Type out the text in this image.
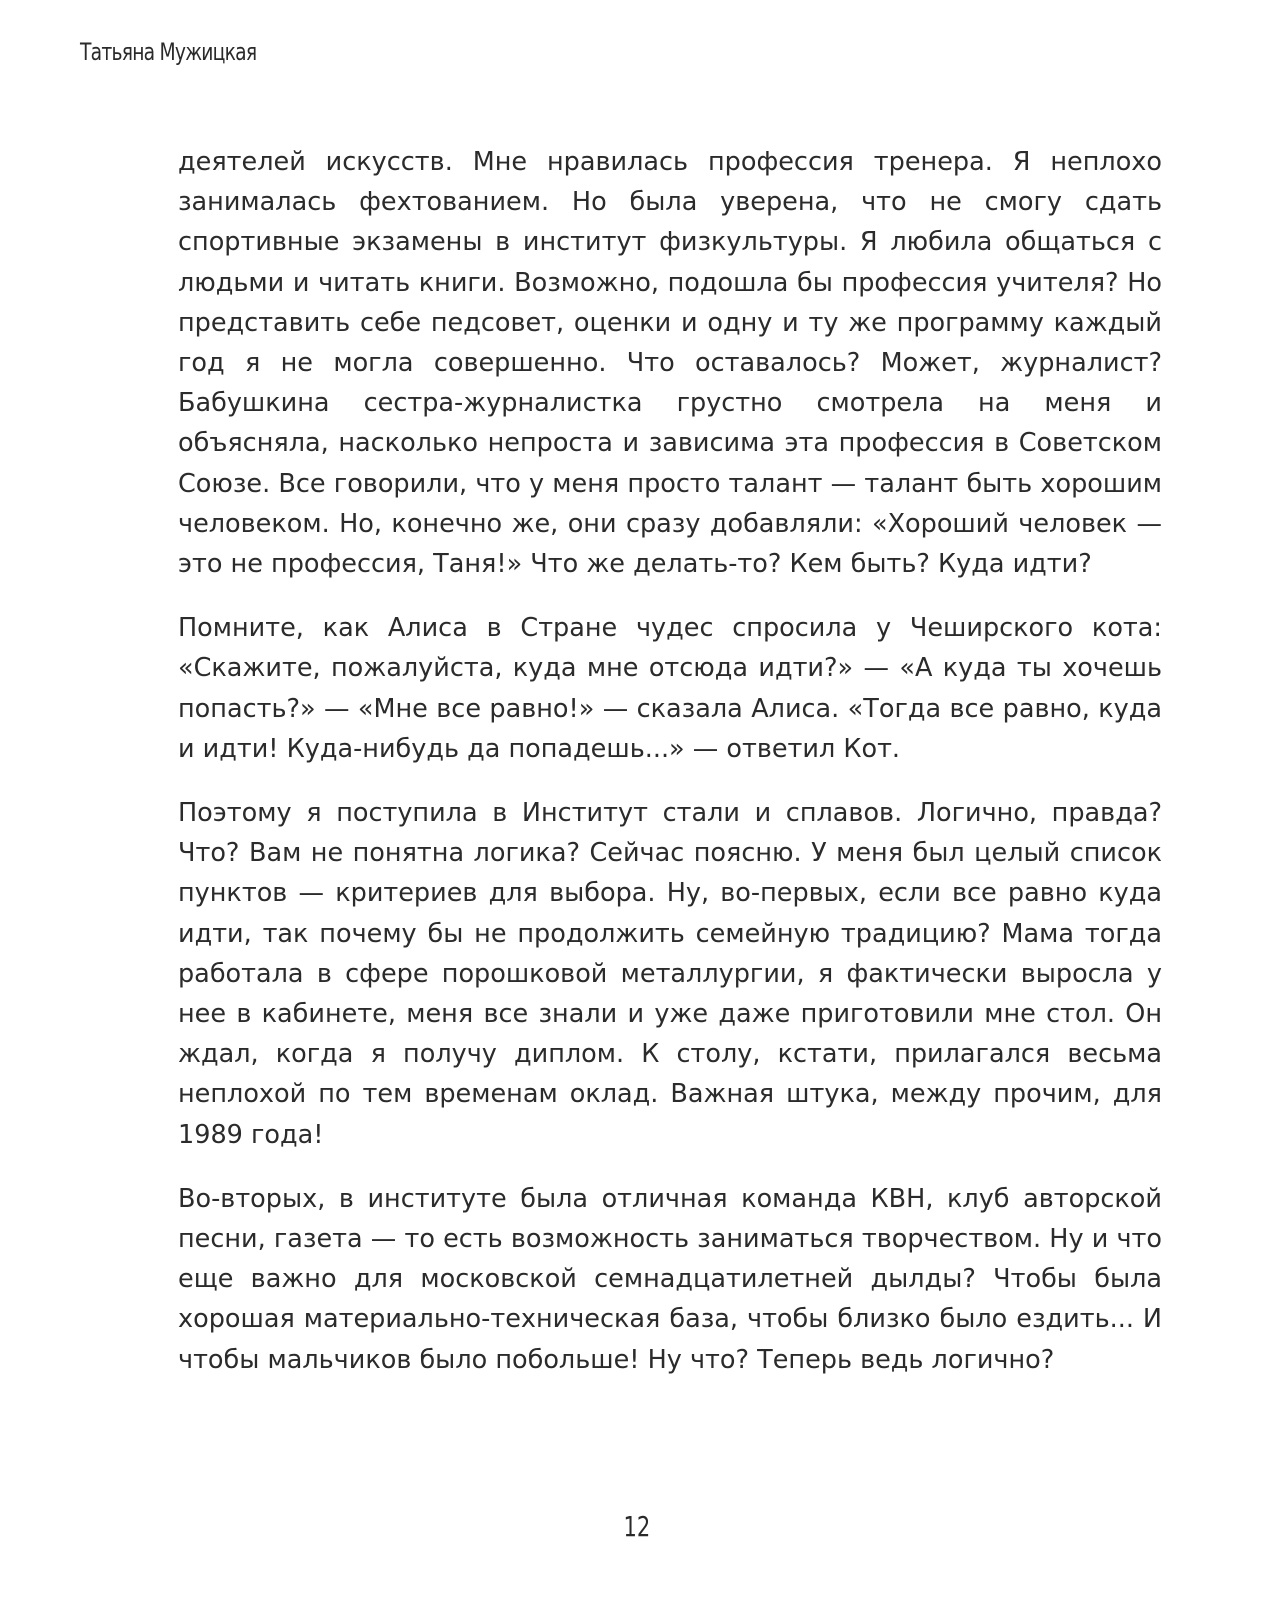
Татьяна Мужицкая

деятелей искусств. Мне нравилась профессия тренера. Я неплохо занималась фехтованием. Но была уверена, что не смогу сдать спортивные экзамены в институт физкультуры. Я любила общаться с людьми и читать книги. Возможно, подошла бы профессия учителя? Но представить себе педсовет, оценки и одну и ту же программу каждый год я не могла совершенно. Что оставалось? Может, журналист? Бабушкина сестра-журналистка грустно смотрела на меня и объясняла, насколько непроста и зависима эта профессия в Советском Союзе. Все говорили, что у меня просто талант — талант быть хорошим человеком. Но, конечно же, они сразу добавляли: «Хороший человек — это не профессия, Таня!» Что же делать-то? Кем быть? Куда идти?

Помните, как Алиса в Стране чудес спросила у Чеширского кота: «Скажите, пожалуйста, куда мне отсюда идти?» — «А куда ты хочешь попасть?» — «Мне все равно!» — сказала Алиса. «Тогда все равно, куда и идти! Куда-нибудь да попадешь...» — ответил Кот.

Поэтому я поступила в Институт стали и сплавов. Логично, правда? Что? Вам не понятна логика? Сейчас поясню. У меня был целый список пунктов — критериев для выбора. Ну, во-первых, если все равно куда идти, так почему бы не продолжить семейную традицию? Мама тогда работала в сфере порошковой металлургии, я фактически выросла у нее в кабинете, меня все знали и уже даже приготовили мне стол. Он ждал, когда я получу диплом. К столу, кстати, прилагался весьма неплохой по тем временам оклад. Важная штука, между прочим, для 1989 года!

Во-вторых, в институте была отличная команда КВН, клуб авторской песни, газета — то есть возможность заниматься творчеством. Ну и что еще важно для московской семнадцатилетней дылды? Чтобы была хорошая материально-техническая база, чтобы близко было ездить... И чтобы мальчиков было побольше! Ну что? Теперь ведь логично?

12
